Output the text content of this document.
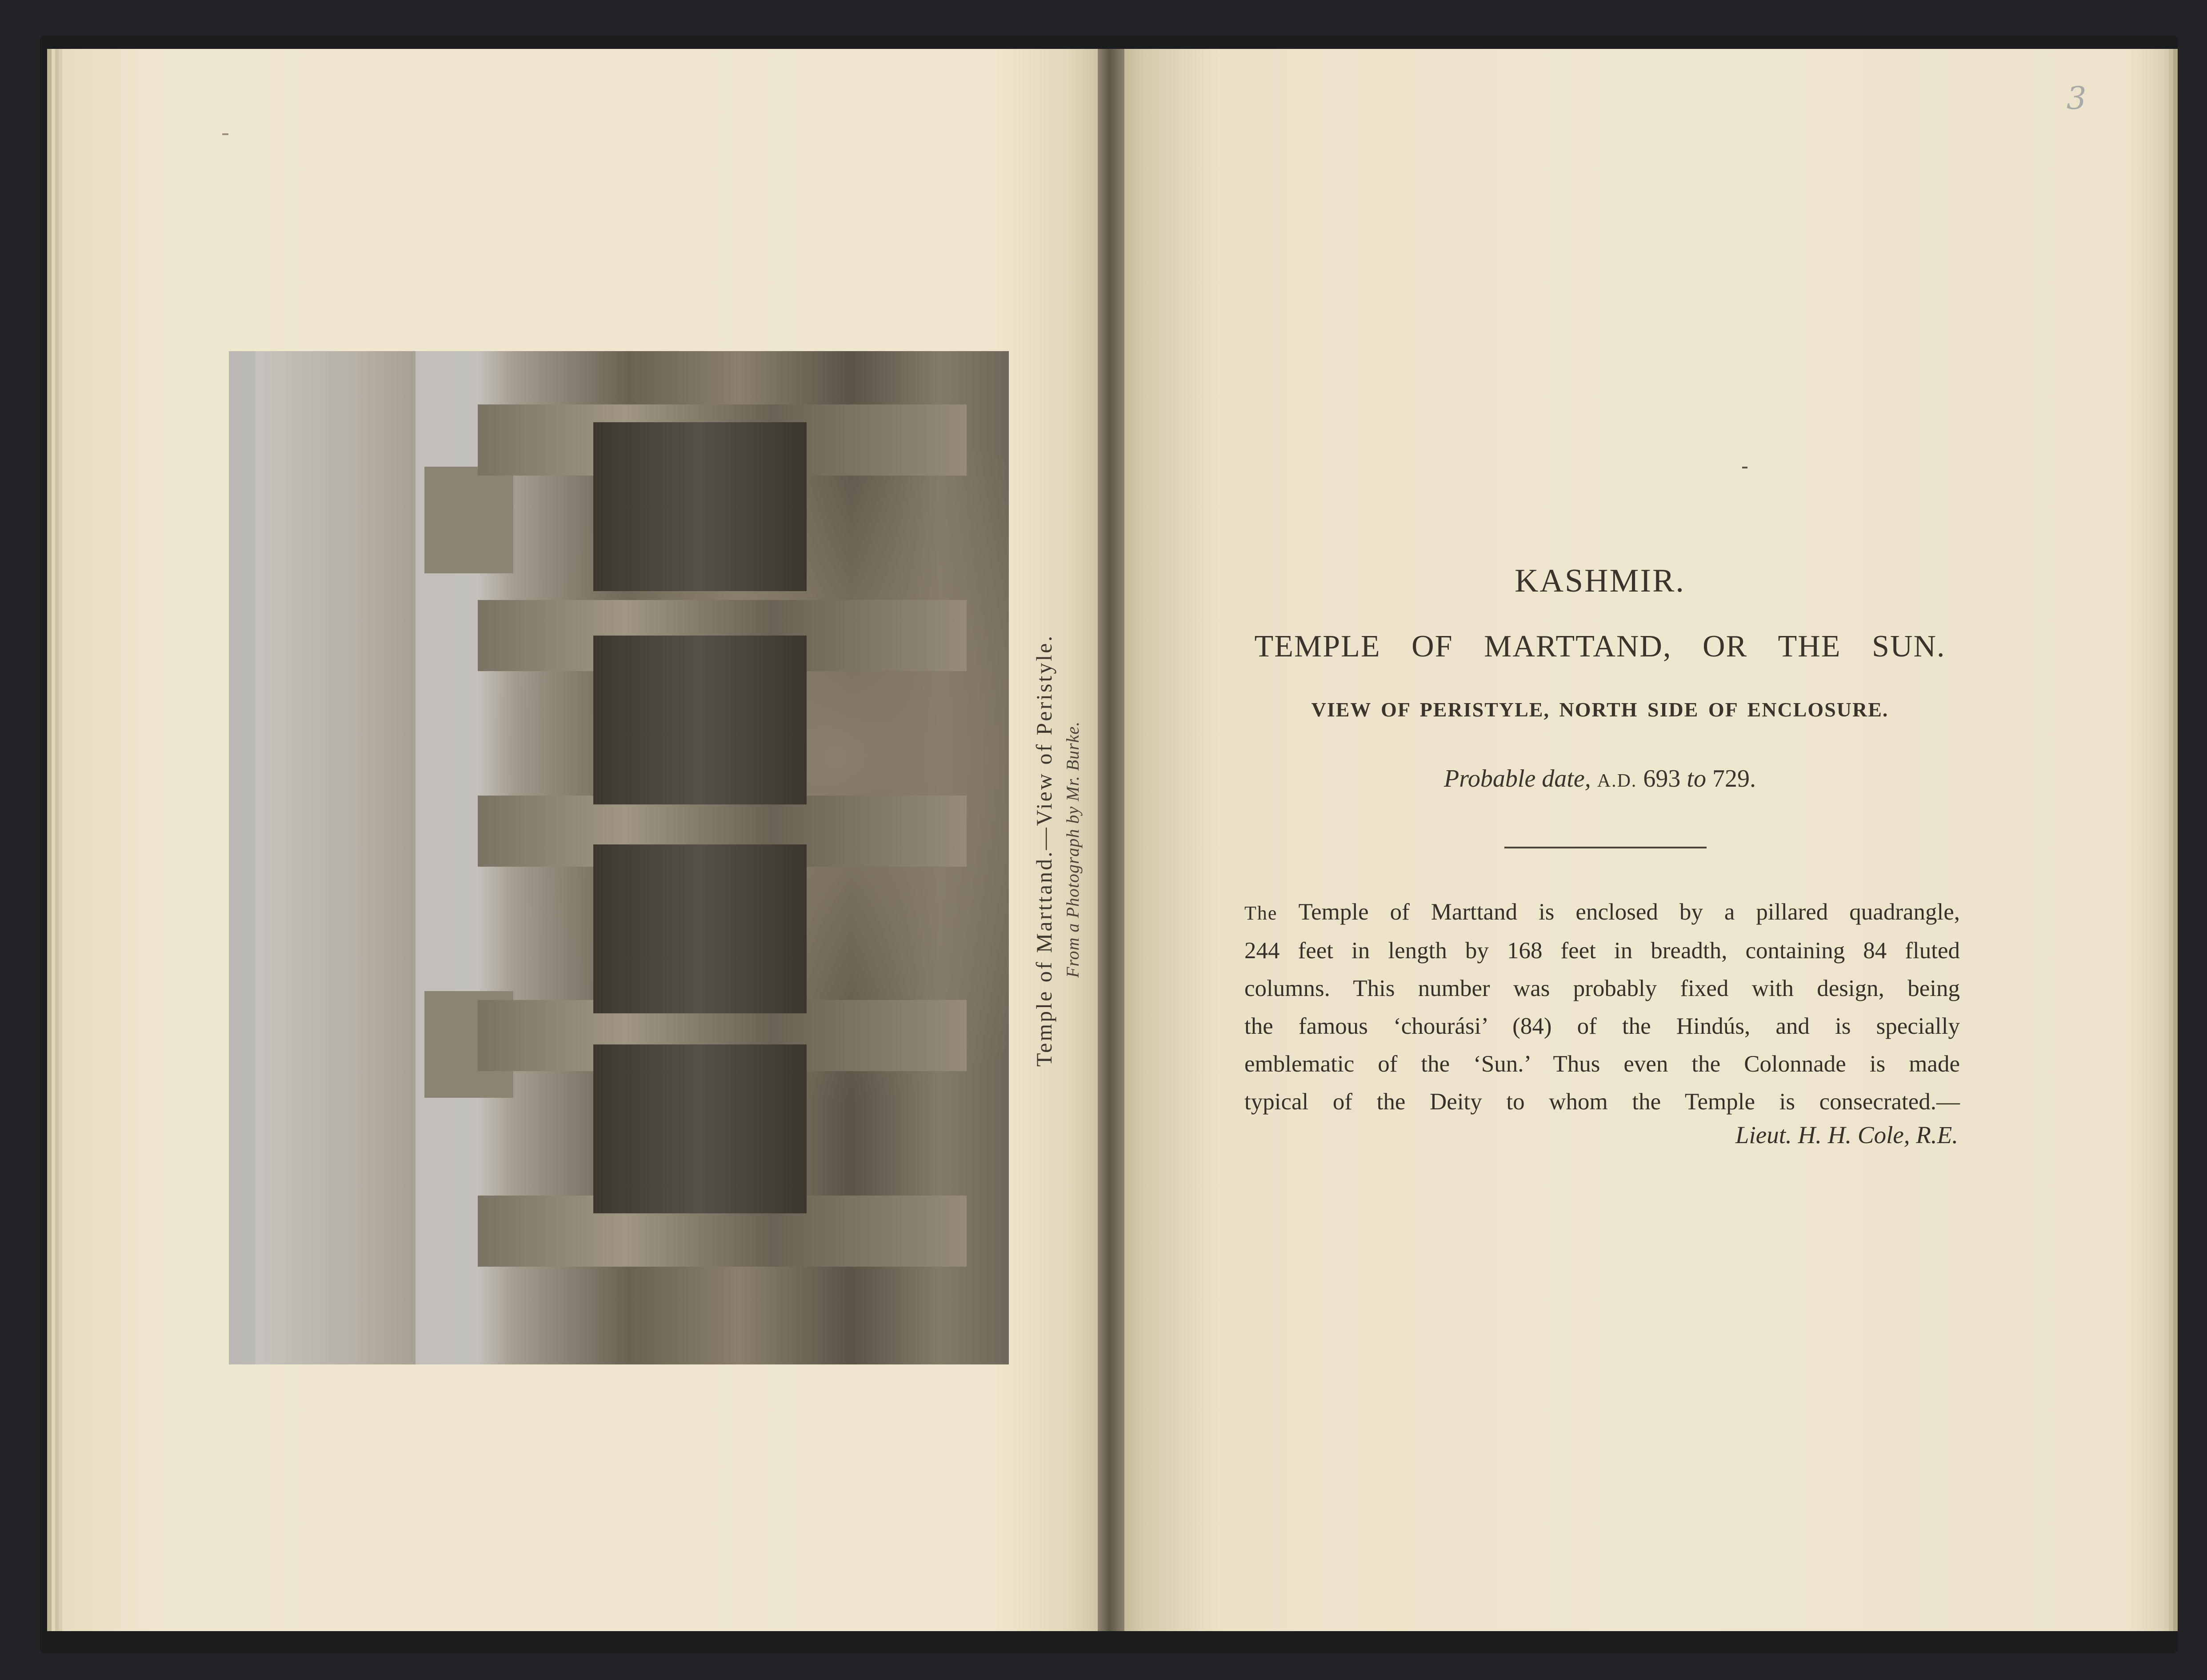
Temple of Marttand.—View of Peristyle. From a Photograph by Mr. Burke.
3
KASHMIR.
TEMPLE OF MARTTAND, OR THE SUN.
VIEW OF PERISTYLE, NORTH SIDE OF ENCLOSURE.
Probable date, A.D. 693 to 729.
The Temple of Marttand is enclosed by a pillared quadrangle,
244 feet in length by 168 feet in breadth, containing 84 fluted
columns. This number was probably fixed with design, being
the famous ‘chourási’ (84) of the Hindús, and is specially
emblematic of the ‘Sun.’ Thus even the Colonnade is made
typical of the Deity to whom the Temple is consecrated.—
Lieut. H. H. Cole, R.E.
